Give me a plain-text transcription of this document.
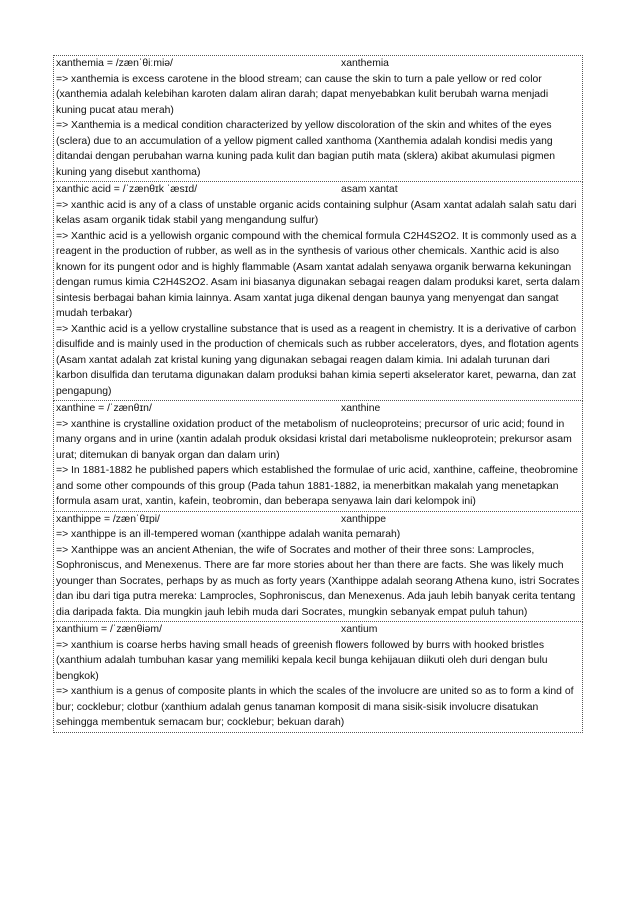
xanthemia = /zænˈθiːmiə/	xanthemia

=> xanthemia is excess carotene in the blood stream; can cause the skin to turn a pale yellow or red color (xanthemia adalah kelebihan karoten dalam aliran darah; dapat menyebabkan kulit berubah warna menjadi kuning pucat atau merah)

=> Xanthemia is a medical condition characterized by yellow discoloration of the skin and whites of the eyes (sclera) due to an accumulation of a yellow pigment called xanthoma (Xanthemia adalah kondisi medis yang ditandai dengan perubahan warna kuning pada kulit dan bagian putih mata (sklera) akibat akumulasi pigmen kuning yang disebut xanthoma)

xanthic acid = /ˈzænθɪk ˈæsɪd/	asam xantat

=> xanthic acid is any of a class of unstable organic acids containing sulphur (Asam xantat adalah salah satu dari kelas asam organik tidak stabil yang mengandung sulfur)

=> Xanthic acid is a yellowish organic compound with the chemical formula C2H4S2O2. It is commonly used as a reagent in the production of rubber, as well as in the synthesis of various other chemicals. Xanthic acid is also known for its pungent odor and is highly flammable (Asam xantat adalah senyawa organik berwarna kekuningan dengan rumus kimia C2H4S2O2. Asam ini biasanya digunakan sebagai reagen dalam produksi karet, serta dalam sintesis berbagai bahan kimia lainnya. Asam xantat juga dikenal dengan baunya yang menyengat dan sangat mudah terbakar)

=> Xanthic acid is a yellow crystalline substance that is used as a reagent in chemistry. It is a derivative of carbon disulfide and is mainly used in the production of chemicals such as rubber accelerators, dyes, and flotation agents (Asam xantat adalah zat kristal kuning yang digunakan sebagai reagen dalam kimia. Ini adalah turunan dari karbon disulfida dan terutama digunakan dalam produksi bahan kimia seperti akselerator karet, pewarna, dan zat pengapung)

xanthine = /ˈzænθɪn/	xanthine

=> xanthine is crystalline oxidation product of the metabolism of nucleoproteins; precursor of uric acid; found in many organs and in urine (xantin adalah produk oksidasi kristal dari metabolisme nukleoprotein; prekursor asam urat; ditemukan di banyak organ dan dalam urin)

=> In 1881-1882 he published papers which established the formulae of uric acid, xanthine, caffeine, theobromine and some other compounds of this group (Pada tahun 1881-1882, ia menerbitkan makalah yang menetapkan formula asam urat, xantin, kafein, teobromin, dan beberapa senyawa lain dari kelompok ini)

xanthippe = /zænˈθɪpi/	xanthippe

=> xanthippe is an ill-tempered woman (xanthippe adalah wanita pemarah)

=> Xanthippe was an ancient Athenian, the wife of Socrates and mother of their three sons: Lamprocles, Sophroniscus, and Menexenus. There are far more stories about her than there are facts. She was likely much younger than Socrates, perhaps by as much as forty years (Xanthippe adalah seorang Athena kuno, istri Socrates dan ibu dari tiga putra mereka: Lamprocles, Sophroniscus, dan Menexenus. Ada jauh lebih banyak cerita tentang dia daripada fakta. Dia mungkin jauh lebih muda dari Socrates, mungkin sebanyak empat puluh tahun)

xanthium = /ˈzænθiəm/	xantium

=> xanthium is coarse herbs having small heads of greenish flowers followed by burrs with hooked bristles (xanthium adalah tumbuhan kasar yang memiliki kepala kecil bunga kehijauan diikuti oleh duri dengan bulu bengkok)

=> xanthium is a genus of composite plants in which the scales of the involucre are united so as to form a kind of bur; cocklebur; clotbur (xanthium adalah genus tanaman komposit di mana sisik-sisik involucre disatukan sehingga membentuk semacam bur; cocklebur; bekuan darah)
